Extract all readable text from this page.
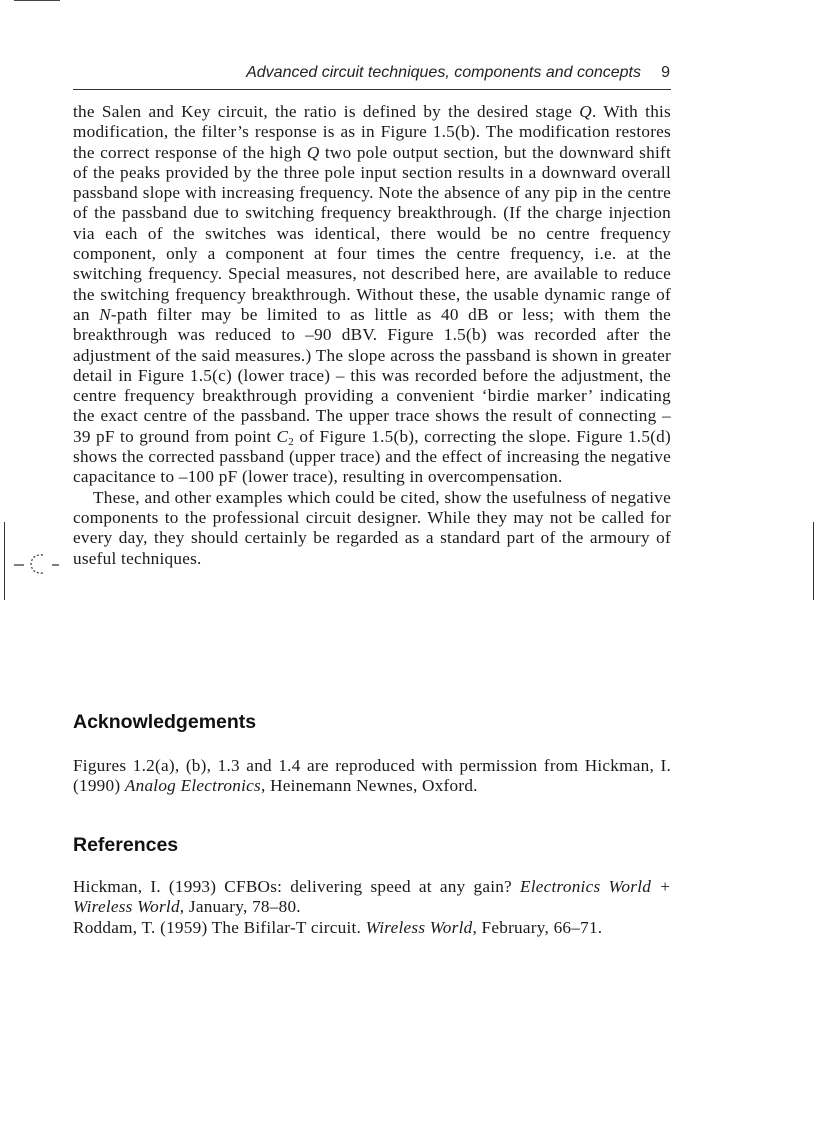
Advanced circuit techniques, components and concepts 9

the Salen and Key circuit, the ratio is defined by the desired stage Q. With this modification, the filter’s response is as in Figure 1.5(b). The modification restores the correct response of the high Q two pole output section, but the downward shift of the peaks provided by the three pole input section results in a downward overall passband slope with increasing frequency. Note the absence of any pip in the centre of the passband due to switching frequency breakthrough. (If the charge injection via each of the switches was identical, there would be no centre frequency component, only a component at four times the centre frequency, i.e. at the switching frequency. Special measures, not described here, are available to reduce the switching frequency breakthrough. Without these, the usable dynamic range of an N-path filter may be limited to as little as 40 dB or less; with them the breakthrough was reduced to –90 dBV. Figure 1.5(b) was recorded after the adjustment of the said measures.) The slope across the passband is shown in greater detail in Figure 1.5(c) (lower trace) – this was recorded before the adjustment, the centre frequency breakthrough providing a convenient ‘birdie marker’ indicating the exact centre of the passband. The upper trace shows the result of connecting –39 pF to ground from point $C_2$ of Figure 1.5(b), correcting the slope. Figure 1.5(d) shows the corrected passband (upper trace) and the effect of increasing the negative capacitance to –100 pF (lower trace), resulting in overcompensation.

These, and other examples which could be cited, show the usefulness of negative components to the professional circuit designer. While they may not be called for every day, they should certainly be regarded as a standard part of the armoury of useful techniques.

Acknowledgements

Figures 1.2(a), (b), 1.3 and 1.4 are reproduced with permission from Hickman, I. (1990) Analog Electronics, Heinemann Newnes, Oxford.

References

Hickman, I. (1993) CFBOs: delivering speed at any gain? Electronics World + Wireless World, January, 78–80.

Roddam, T. (1959) The Bifilar-T circuit. Wireless World, February, 66–71.
